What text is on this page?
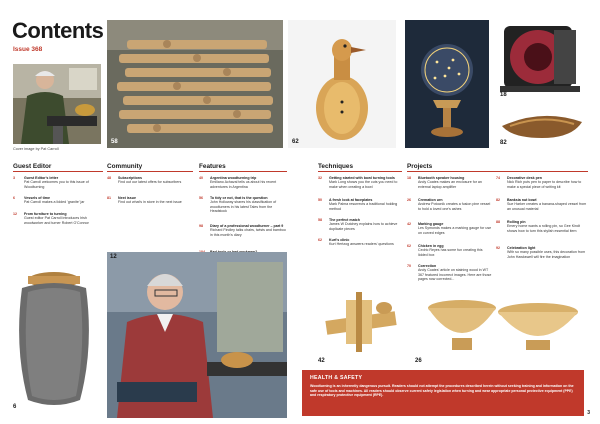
Contents
Issue 368
Cover image by Pat Carroll
58	62
18
82
Guest Editor
3	Guest Editor's letter
Pat Carroll welcomes you to this issue of Woodturning
6	Vessels of time
Pat Carroll makes a lidded 'granite' jar
12 From furniture to turning
Guest editor Pat Carroll introduces Irish woodworker and turner Robert O'Connor
Community
48 Subscriptions
Find out our latest offers for subscribers
81 Next issue
Find out what's in store in the next issue
Features
40 Argentina woodturning trip
Emiliano Achaval tells us about his recent adventures in Argentina
56 To tidy or not, that is the question
John Holloway shares his classification of woodturners in his latest Tales from the Headstock
98 Diary of a professional woodturner – part 9
Richard Findley talks chairs, twists and bamboo in this month's diary
Techniques
32 Getting started with bowl turning tools
Mark Long shows you the cuts you need to make when creating a bowl
50 A fresh look at faceplates
Mark Palma resurrects a traditional holding method
58 The perfect match
James W Dutchey explains how to achieve duplicate pieces
62 Kurt's clinic
Kurt Hertzog answers readers' questions
Projects
18 Bluetooth speaker housing
Andy Coates makes an enclosure for an external laptop amplifier
26 Cremation urn
Andrew Potocnik creates a fusion pine vessel to hold a loved one's ashes
42 Marking gauge
Les Symonds makes a marking gauge for use on curved edges
62 Chicken in egg
Cedric Reyes has some fun creating this lidded box
70 Correction
Andy Coates' article on staining wood in WT 367 featured incorrect images. Here are those pages now corrected...
74 Decorative desk pen
Nick Rich puts pen to paper to describe how to make a special piece of writing kit
82 Banksia nut bowl
Sue Harker creates a banana-shaped vessel from an unusual material
88 Rolling pin
Emery home wants a rolling pin, so Gee Kindt shows how to turn this stylish essential item
92 Celebration light
With so many possible uses, this decoration from John Hawkswell will fire the imagination
6
12
42	26
HEALTH & SAFETY
Woodturning is an inherently dangerous pursuit. Readers should not attempt the procedures described herein without seeking training and information on the safe use of tools and machines. All readers should observe current safety legislation when turning and wear appropriate personal protective equipment (PPE) and respiratory protective equipment (RPE).
3
